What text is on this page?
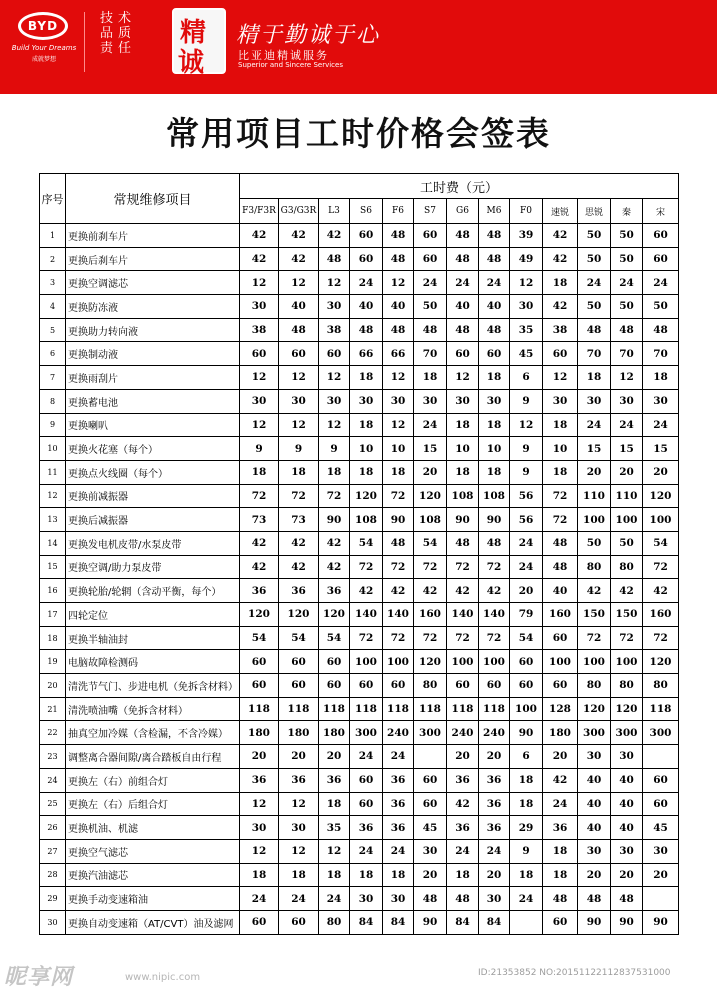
BYD
Build Your Dreams
成就梦想
技
品
责
术
质
任
精
诚
精于勤诚于心
比亚迪精诚服务
Superior and Sincere Services
常用项目工时价格会签表
序号	常规维修项目	工时费（元）												
		F3/F3R	G3/G3R	L3	S6	F6	S7	G6	M6	F0	速锐	思锐	秦	宋
1	更换前刹车片	42	42	42	60	48	60	48	48	39	42	50	50	60
2	更换后刹车片	42	42	48	60	48	60	48	48	49	42	50	50	60
3	更换空调滤芯	12	12	12	24	12	24	24	24	12	18	24	24	24
4	更换防冻液	30	40	30	40	40	50	40	40	30	42	50	50	50
5	更换助力转向液	38	48	38	48	48	48	48	48	35	38	48	48	48
6	更换制动液	60	60	60	66	66	70	60	60	45	60	70	70	70
7	更换雨刮片	12	12	12	18	12	18	12	18	6	12	18	12	18
8	更换蓄电池	30	30	30	30	30	30	30	30	9	30	30	30	30
9	更换喇叭	12	12	12	18	12	24	18	18	12	18	24	24	24
10	更换火花塞（每个）	9	9	9	10	10	15	10	10	9	10	15	15	15
11	更换点火线圈（每个）	18	18	18	18	18	20	18	18	9	18	20	20	20
12	更换前减振器	72	72	72	120	72	120	108	108	56	72	110	110	120
13	更换后减振器	73	73	90	108	90	108	90	90	56	72	100	100	100
14	更换发电机皮带/水泵皮带	42	42	42	54	48	54	48	48	24	48	50	50	54
15	更换空调/助力泵皮带	42	42	42	72	72	72	72	72	24	48	80	80	72
16	更换轮胎/轮辋（含动平衡，每个）	36	36	36	42	42	42	42	42	20	40	42	42	42
17	四轮定位	120	120	120	140	140	160	140	140	79	160	150	150	160
18	更换半轴油封	54	54	54	72	72	72	72	72	54	60	72	72	72
19	电脑故障检测码	60	60	60	100	100	120	100	100	60	100	100	100	120
20	清洗节气门、步进电机（免拆含材料）	60	60	60	60	60	80	60	60	60	60	80	80	80
21	清洗喷油嘴（免拆含材料）	118	118	118	118	118	118	118	118	100	128	120	120	118
22	抽真空加冷媒（含检漏，不含冷媒）	180	180	180	300	240	300	240	240	90	180	300	300	300
23	调整离合器间隙/离合踏板自由行程	20	20	20	24	24		20	20	6	20	30	30	
24	更换左（右）前组合灯	36	36	36	60	36	60	36	36	18	42	40	40	60
25	更换左（右）后组合灯	12	12	18	60	36	60	42	36	18	24	40	40	60
26	更换机油、机滤	30	30	35	36	36	45	36	36	29	36	40	40	45
27	更换空气滤芯	12	12	12	24	24	30	24	24	9	18	30	30	30
28	更换汽油滤芯	18	18	18	18	18	20	18	20	18	18	20	20	20
29	更换手动变速箱油	24	24	24	30	30	48	48	30	24	48	48	48	
30	更换自动变速箱（AT/CVT）油及滤网	60	60	80	84	84	90	84	84		60	90	90	90
昵享网	www.nipic.com	ID:21353852 NO:20151122112837531000
